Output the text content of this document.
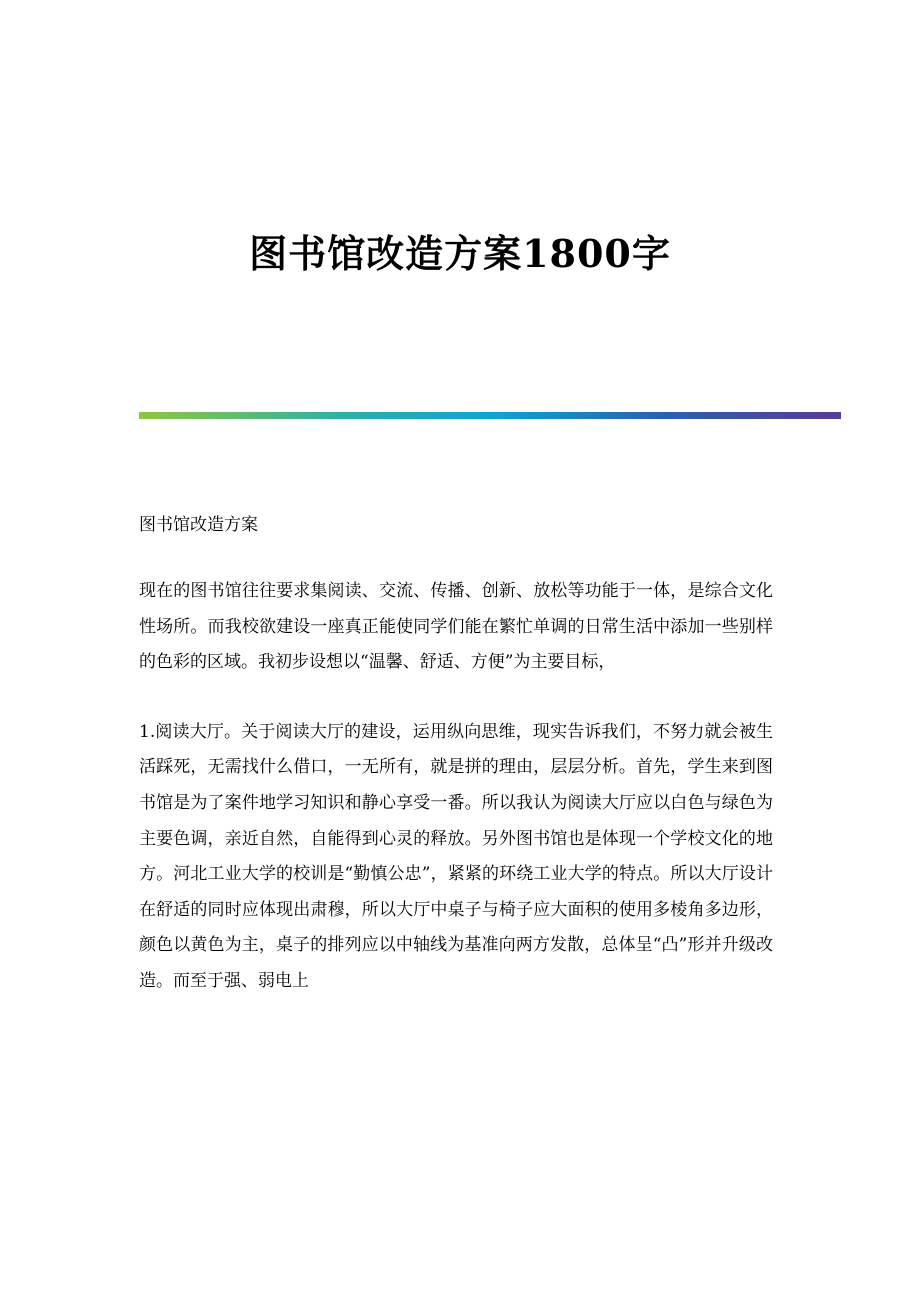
图书馆改造方案1800字
图书馆改造方案
现在的图书馆往往要求集阅读、交流、传播、创新、放松等功能于一体，是综合文化性场所。而我校欲建设一座真正能使同学们能在繁忙单调的日常生活中添加一些别样的色彩的区域。我初步设想以“温馨、舒适、方便”为主要目标，
1.阅读大厅。关于阅读大厅的建设，运用纵向思维，现实告诉我们，不努力就会被生活踩死，无需找什么借口，一无所有，就是拼的理由，层层分析。首先，学生来到图书馆是为了案件地学习知识和静心享受一番。所以我认为阅读大厅应以白色与绿色为主要色调，亲近自然，自能得到心灵的释放。另外图书馆也是体现一个学校文化的地方。河北工业大学的校训是“勤慎公忠”，紧紧的环绕工业大学的特点。所以大厅设计在舒适的同时应体现出肃穆，所以大厅中桌子与椅子应大面积的使用多棱角多边形，颜色以黄色为主，桌子的排列应以中轴线为基准向两方发散，总体呈“凸”形并升级改造。而至于强、弱电上
